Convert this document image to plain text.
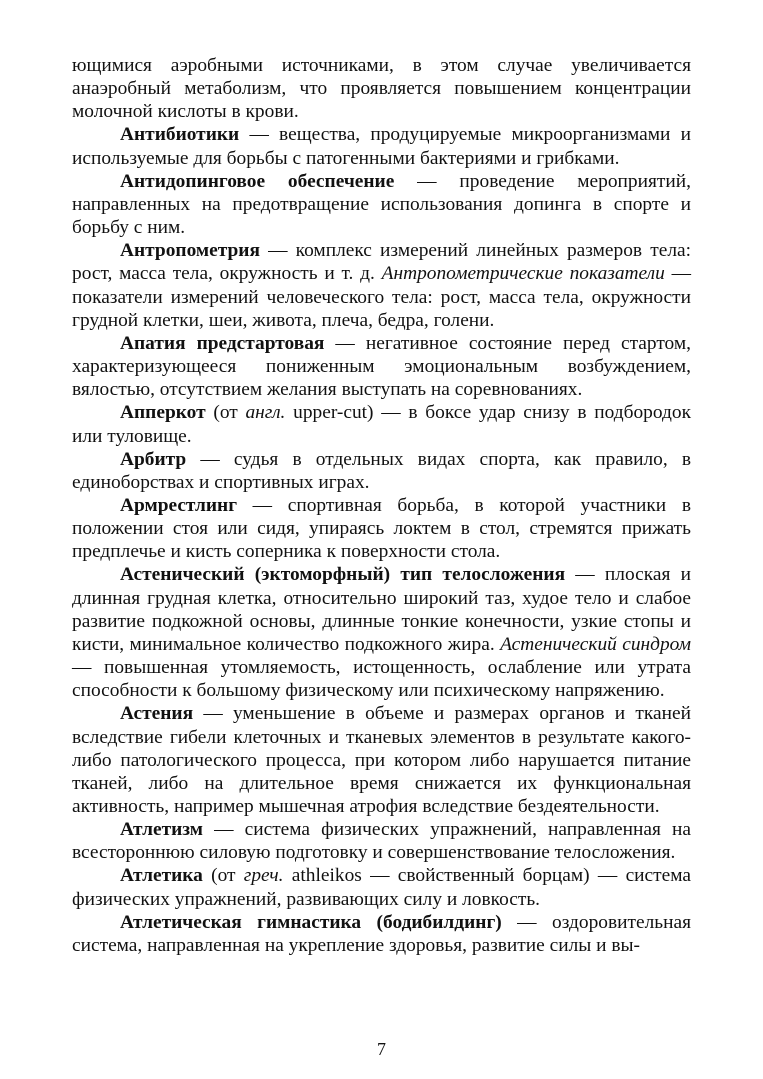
ющимися аэробными источниками, в этом случае увеличивается анаэробный метаболизм, что проявляется повышением концентрации молочной кислоты в крови.

Антибиотики — вещества, продуцируемые микроорганизмами и используемые для борьбы с патогенными бактериями и грибками.

Антидопинговое обеспечение — проведение мероприятий, направленных на предотвращение использования допинга в спорте и борьбу с ним.

Антропометрия — комплекс измерений линейных размеров тела: рост, масса тела, окружность и т. д. Антропометрические показатели — показатели измерений человеческого тела: рост, масса тела, окружности грудной клетки, шеи, живота, плеча, бедра, голени.

Апатия предстартовая — негативное состояние перед стартом, характеризующееся пониженным эмоциональным возбуждением, вялостью, отсутствием желания выступать на соревнованиях.

Апперкот (от англ. upper-cut) — в боксе удар снизу в подбородок или туловище.

Арбитр — судья в отдельных видах спорта, как правило, в единоборствах и спортивных играх.

Армрестлинг — спортивная борьба, в которой участники в положении стоя или сидя, упираясь локтем в стол, стремятся прижать предплечье и кисть соперника к поверхности стола.

Астенический (эктоморфный) тип телосложения — плоская и длинная грудная клетка, относительно широкий таз, худое тело и слабое развитие подкожной основы, длинные тонкие конечности, узкие стопы и кисти, минимальное количество подкожного жира. Астенический синдром — повышенная утомляемость, истощенность, ослабление или утрата способности к большому физическому или психическому напряжению.

Астения — уменьшение в объеме и размерах органов и тканей вследствие гибели клеточных и тканевых элементов в результате какого-либо патологического процесса, при котором либо нарушается питание тканей, либо на длительное время снижается их функциональная активность, например мышечная атрофия вследствие бездеятельности.

Атлетизм — система физических упражнений, направленная на всестороннюю силовую подготовку и совершенствование телосложения.

Атлетика (от греч. athleikos — свойственный борцам) — система физических упражнений, развивающих силу и ловкость.

Атлетическая гимнастика (бодибилдинг) — оздоровительная система, направленная на укрепление здоровья, развитие силы и вы-

7
